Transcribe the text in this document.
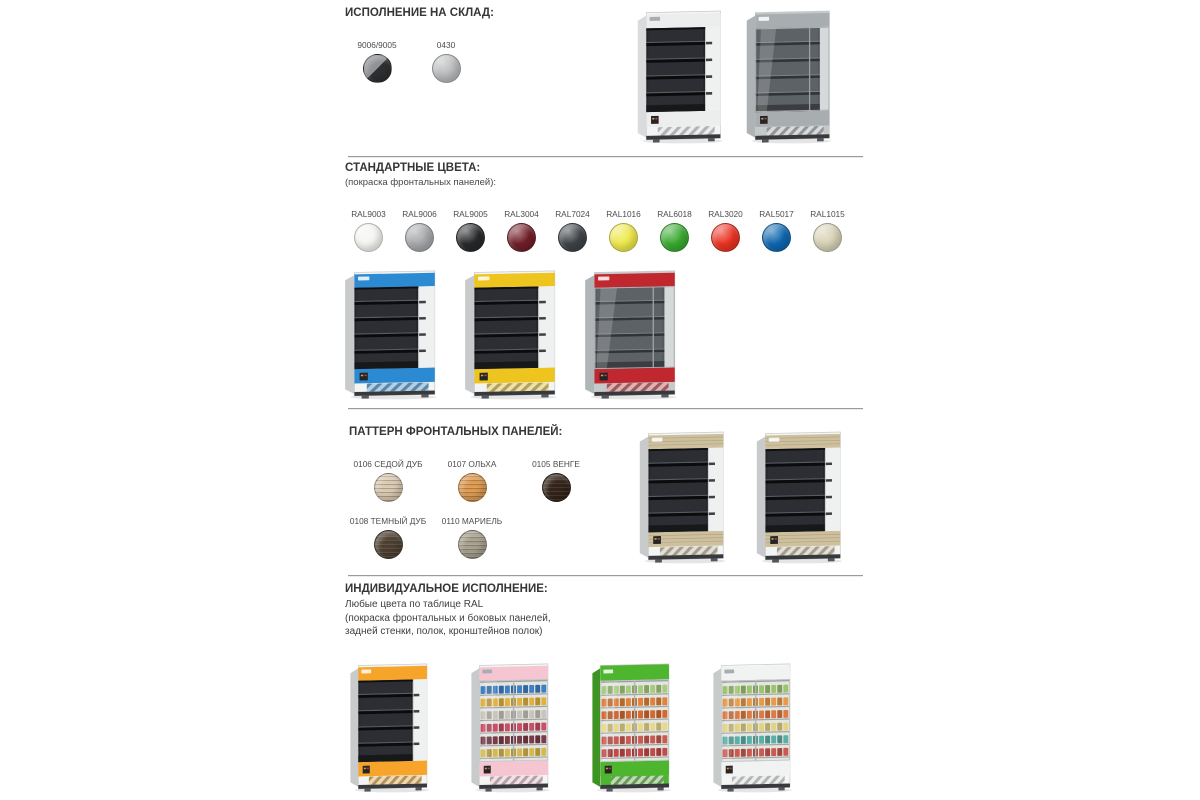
ИСПОЛНЕНИЕ НА СКЛАД:
9006/9005	0430
СТАНДАРТНЫЕ ЦВЕТА:
(покраска фронтальных панелей):
RAL9003 RAL9006 RAL9005 RAL3004 RAL7024 RAL1016 RAL6018 RAL3020 RAL5017 RAL1015
ПАТТЕРН ФРОНТАЛЬНЫХ ПАНЕЛЕЙ:
0106 СЕДОЙ ДУБ	0107 ОЛЬХА	0105 ВЕНГЕ
0108 ТЕМНЫЙ ДУБ 0110 МАРИЕЛЬ
ИНДИВИДУАЛЬНОЕ ИСПОЛНЕНИЕ:
Любые цвета по таблице RAL
(покраска фронтальных и боковых панелей,
задней стенки, полок, кронштейнов полок)
